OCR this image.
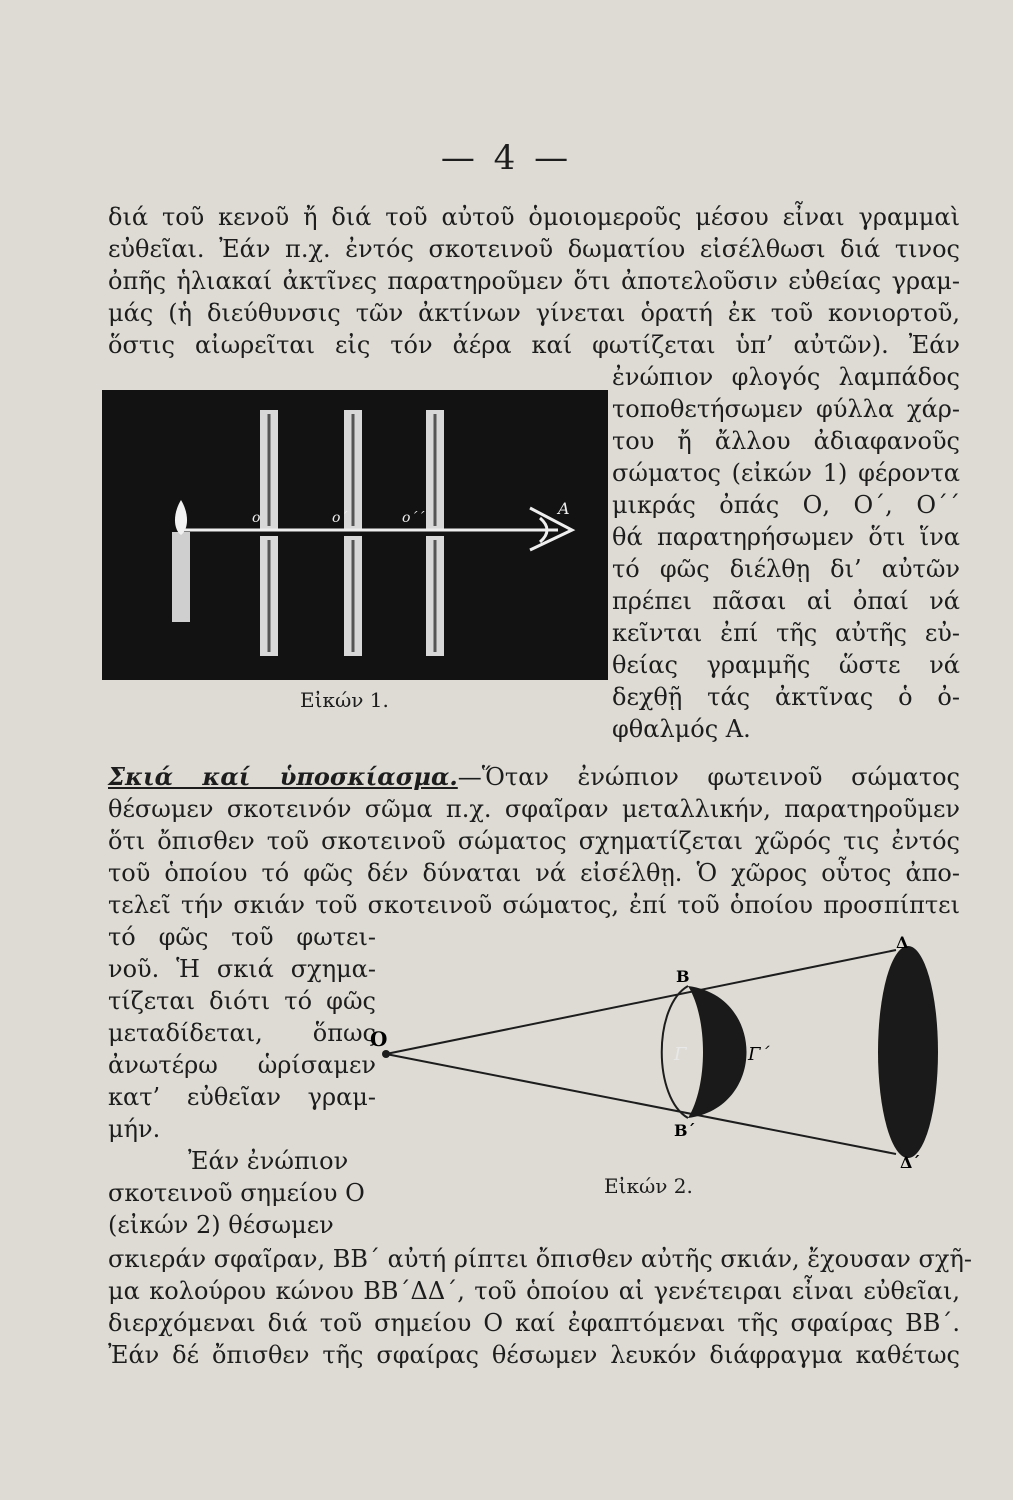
— 4 —
διά τοῦ κενοῦ ἤ διά τοῦ αὐτοῦ ὁμοιομεροῦς μέσου εἶναι γραμμαὶ
εὐθεῖαι. Ἐάν π.χ. ἐντός σκοτεινοῦ δωματίου εἰσέλθωσι διά τινος
ὀπῆς ἡλιακαί ἀκτῖνες παρατηροῦμεν ὅτι ἀποτελοῦσιν εὐθείας γραμ-
μάς (ἡ διεύθυνσις τῶν ἀκτίνων γίνεται ὁρατή ἐκ τοῦ κονιορτοῦ,
ὅστις αἰωρεῖται εἰς τόν ἀέρα καί φωτίζεται ὑπ’ αὐτῶν). Ἐάν
o	o΄	o΄΄	A
Εἰκών 1.
ἐνώπιον φλογός λαμπάδος
τοποθετήσωμεν φύλλα χάρ-
του ἤ ἄλλου ἀδιαφανοῦς
σώματος (εἰκών 1) φέροντα
μικράς ὀπάς Ο, Ο΄, Ο΄΄
θά παρατηρήσωμεν ὅτι ἵνα
τό φῶς διέλθῃ δι’ αὐτῶν
πρέπει πᾶσαι αἱ ὀπαί νά
κεῖνται ἐπί τῆς αὐτῆς εὐ-
θείας γραμμῆς ὥστε νά
δεχθῇ τάς ἀκτῖνας ὁ ὀ-
φθαλμός Α.
Σκιά καί ὑποσκίασμα.—Ὅταν ἐνώπιον φωτεινοῦ σώματος
θέσωμεν σκοτεινόν σῶμα π.χ. σφαῖραν μεταλλικήν, παρατηροῦμεν
ὅτι ὄπισθεν τοῦ σκοτεινοῦ σώματος σχηματίζεται χῶρός τις ἐντός
τοῦ ὁποίου τό φῶς δέν δύναται νά εἰσέλθῃ. Ὁ χῶρος οὗτος ἀπο-
τελεῖ τήν σκιάν τοῦ σκοτεινοῦ σώματος, ἐπί τοῦ ὁποίου προσπίπτει
τό φῶς τοῦ φωτει-
νοῦ. Ἡ σκιά σχημα-
τίζεται διότι τό φῶς
μεταδίδεται, ὅπως
ἀνωτέρω ὡρίσαμεν
κατ’ εὐθεῖαν γραμ-
μήν.
Ἐάν ἐνώπιον
σκοτεινοῦ σημείου Ο
(εἰκών 2) θέσωμεν
O
B
B΄
Γ	Γ΄
Δ
Δ΄
Εἰκών 2.
σκιεράν σφαῖραν, ΒΒ΄ αὐτή ρίπτει ὄπισθεν αὐτῆς σκιάν, ἔχουσαν σχῆ-
μα κολούρου κώνου ΒΒ΄ΔΔ΄, τοῦ ὁποίου αἱ γενέτειραι εἶναι εὐθεῖαι,
διερχόμεναι διά τοῦ σημείου Ο καί ἐφαπτόμεναι τῆς σφαίρας ΒΒ΄.
Ἐάν δέ ὄπισθεν τῆς σφαίρας θέσωμεν λευκόν διάφραγμα καθέτως
